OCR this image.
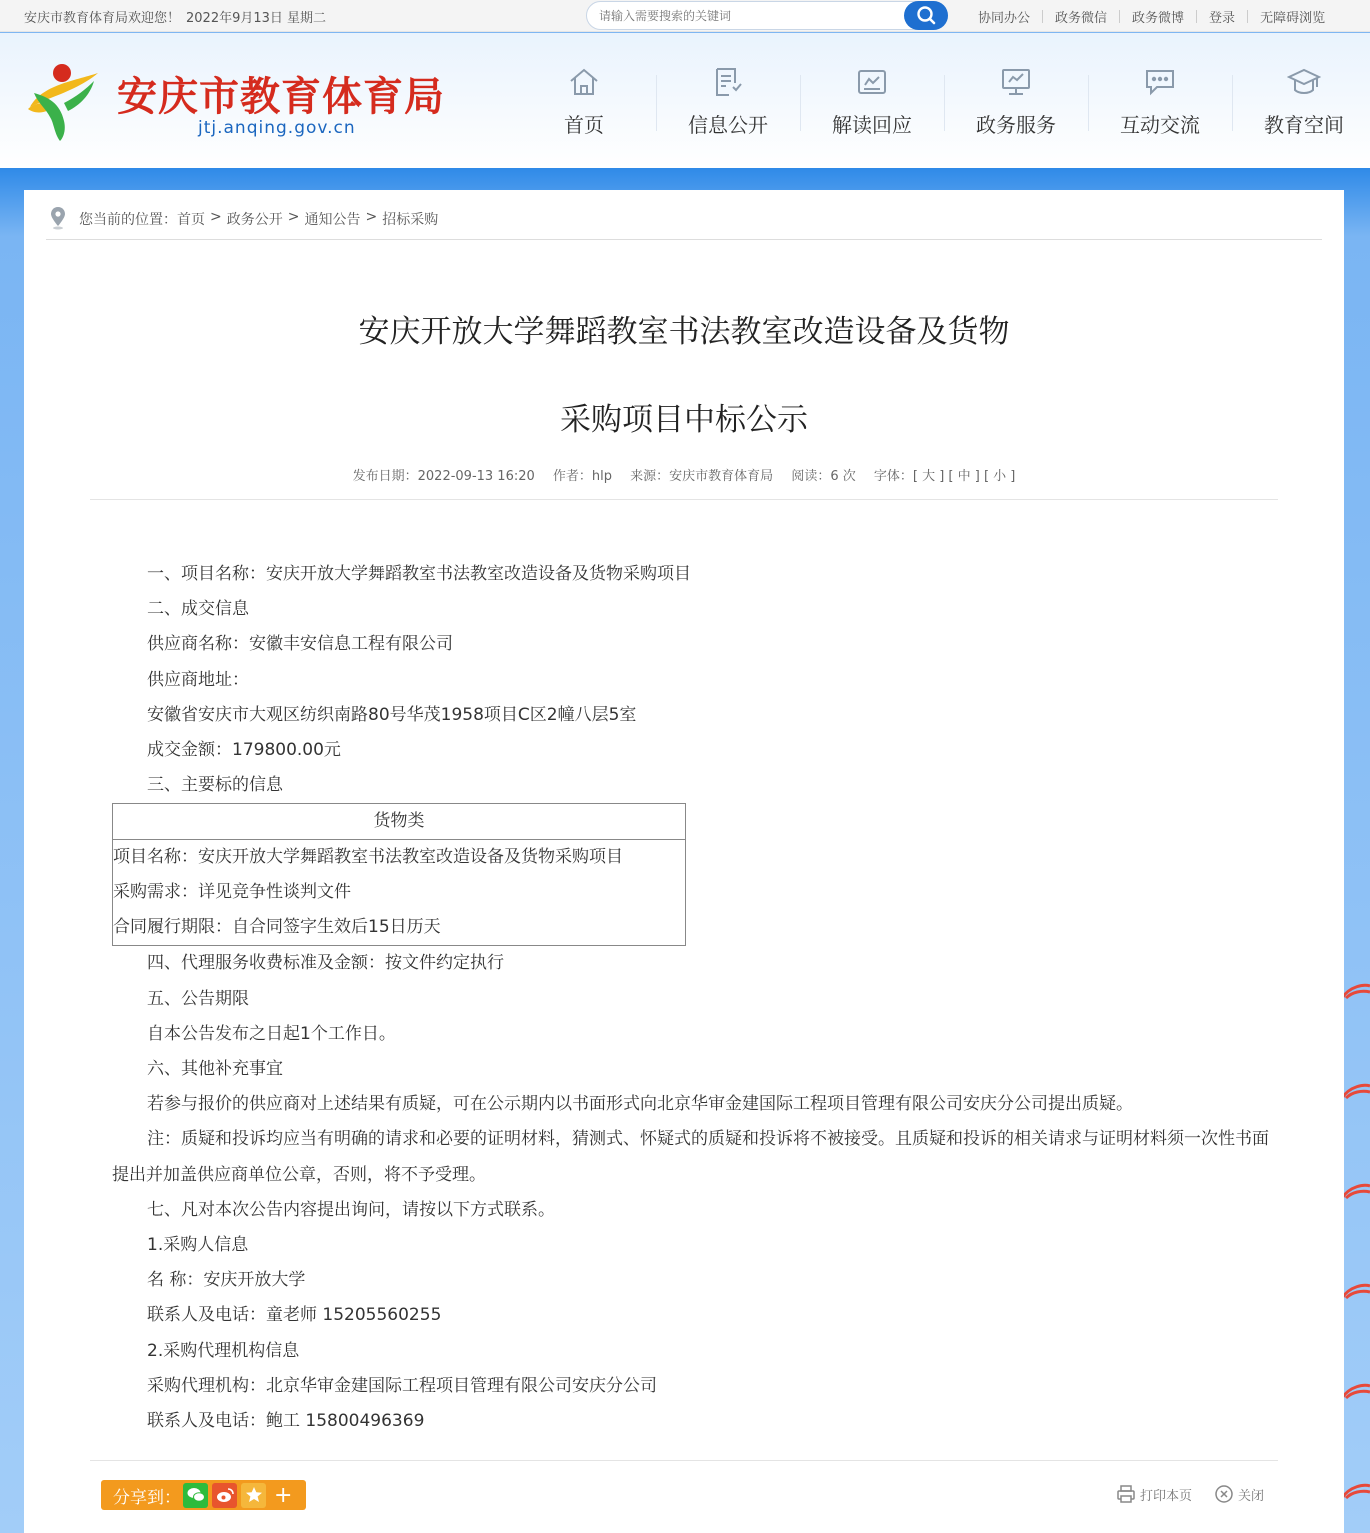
安庆市教育体育局欢迎您！ 2022年9月13日 星期二
请输入需要搜索的关键词	协同办公 政务微信 政务微博 登录 无障碍浏览
安庆市教育体育局
jtj.anqing.gov.cn	首页	信息公开	解读回应	政务服务	互动交流	教育空间
您当前的位置： 首页 > 政务公开 > 通知公告 > 招标采购
安庆开放大学舞蹈教室书法教室改造设备及货物
采购项目中标公示
发布日期：2022-09-13 16:20 作者：hlp 来源：安庆市教育体育局 阅读：6 次 字体：[ 大 ] [ 中 ] [ 小 ]

一、项目名称：安庆开放大学舞蹈教室书法教室改造设备及货物采购项目

二、成交信息

供应商名称：安徽丰安信息工程有限公司

供应商地址：

安徽省安庆市大观区纺织南路80号华茂1958项目C区2幢八层5室

成交金额：179800.00元

三、主要标的信息

货物类
项目名称：安庆开放大学舞蹈教室书法教室改造设备及货物采购项目
采购需求：详见竞争性谈判文件
合同履行期限：自合同签字生效后15日历天

四、代理服务收费标准及金额：按文件约定执行

五、公告期限

自本公告发布之日起1个工作日。

六、其他补充事宜

若参与报价的供应商对上述结果有质疑，可在公示期内以书面形式向北京华审金建国际工程项目管理有限公司安庆分公司提出质疑。

注：质疑和投诉均应当有明确的请求和必要的证明材料，猜测式、怀疑式的质疑和投诉将不被接受。且质疑和投诉的相关请求与证明材料须一次性书面提出并加盖供应商单位公章，否则，将不予受理。

七、凡对本次公告内容提出询问，请按以下方式联系。

1.采购人信息

名 称：安庆开放大学

联系人及电话：童老师 15205560255

2.采购代理机构信息

采购代理机构：北京华审金建国际工程项目管理有限公司安庆分公司

联系人及电话：鲍工 15800496369

分享到：	+	打印本页	关闭
